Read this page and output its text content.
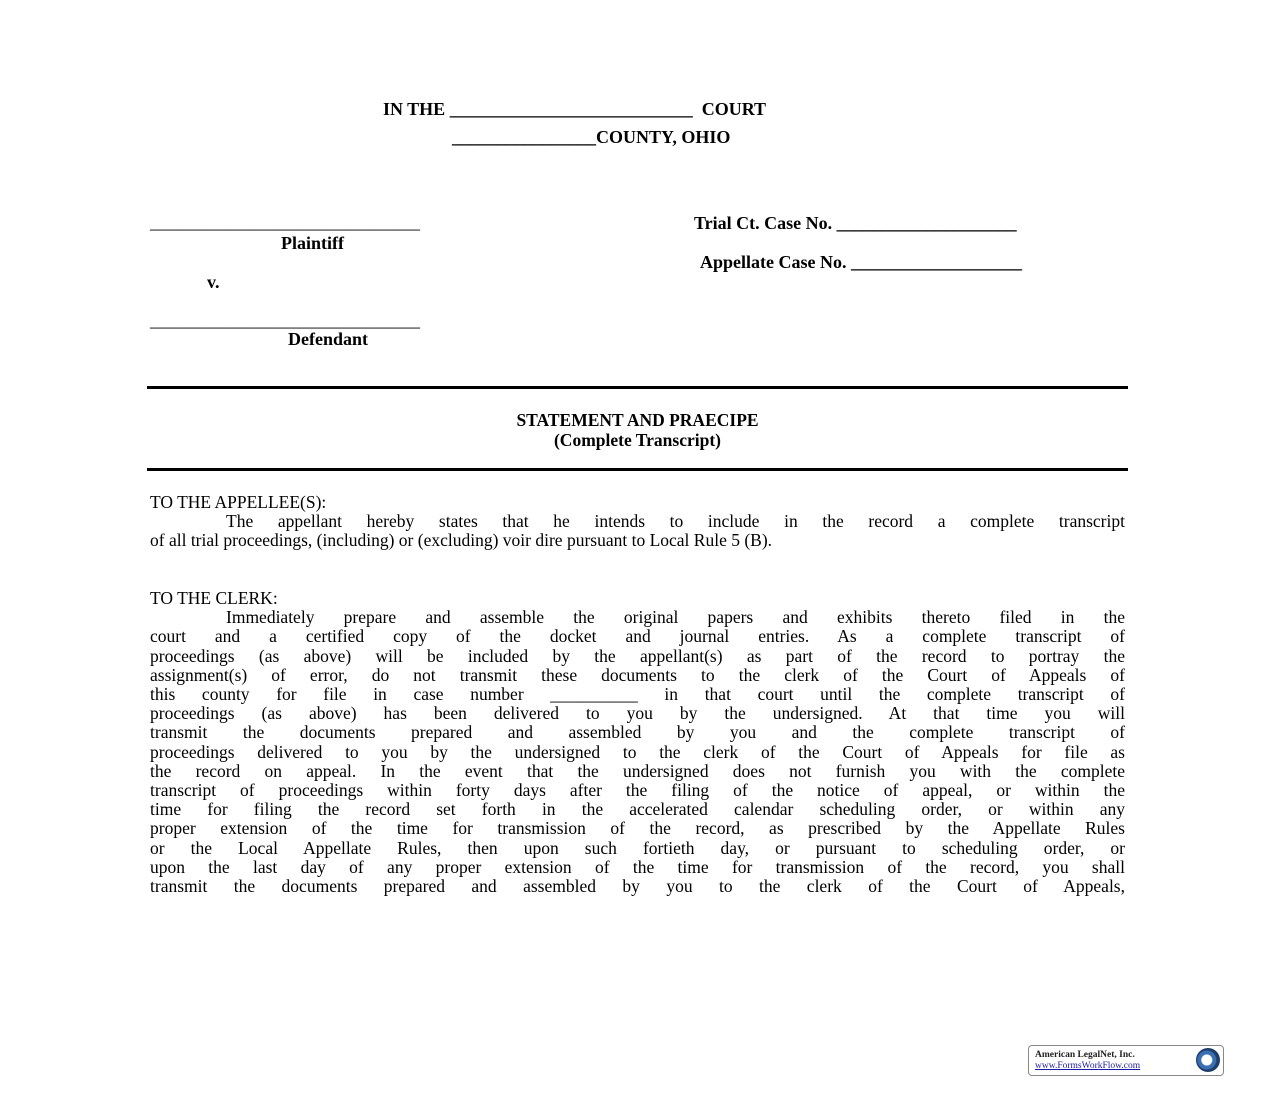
IN THE ___________________________  COURT
________________COUNTY, OHIO
______________________________
Plaintiff
v.
______________________________
Defendant
Trial Ct. Case No. ____________________
Appellate Case No. ___________________
STATEMENT AND PRAECIPE
(Complete Transcript)
TO THE APPELLEE(S):
The appellant hereby states that he intends to include in the record a complete transcript
of all trial proceedings, (including) or (excluding) voir dire pursuant to Local Rule 5 (B).
TO THE CLERK:
Immediately prepare and assemble the original papers and exhibits thereto filed in the
court and a certified copy of the docket and journal entries. As a complete transcript of
proceedings (as above) will be included by the appellant(s) as part of the record to portray the
assignment(s) of error, do not transmit these documents to the clerk of the Court of Appeals of
this county for file in case number __________ in that court until the complete transcript of
proceedings (as above) has been delivered to you by the undersigned. At that time you will
transmit the documents prepared and assembled by you and the complete transcript of
proceedings delivered to you by the undersigned to the clerk of the Court of Appeals for file as
the record on appeal. In the event that the undersigned does not furnish you with the complete
transcript of proceedings within forty days after the filing of the notice of appeal, or within the
time for filing the record set forth in the accelerated calendar scheduling order, or within any
proper extension of the time for transmission of the record, as prescribed by the Appellate Rules
or the Local Appellate Rules, then upon such fortieth day, or pursuant to scheduling order, or
upon the last day of any proper extension of the time for transmission of the record, you shall
transmit the documents prepared and assembled by you to the clerk of the Court of Appeals,
American LegalNet, Inc.
www.FormsWorkFlow.com
